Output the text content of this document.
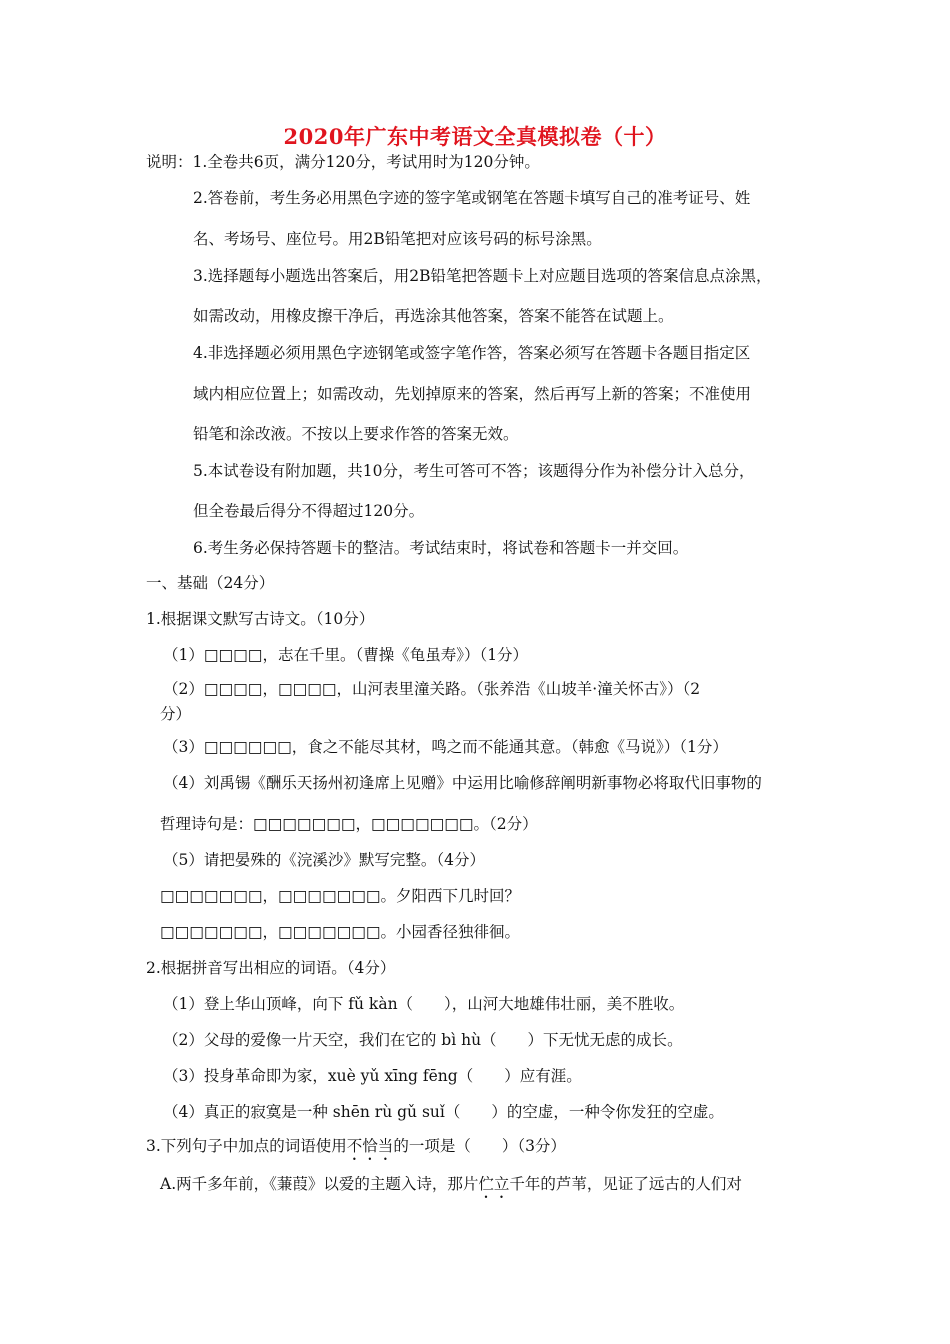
2020年广东中考语文全真模拟卷（十）
说明：1.全卷共6页，满分120分，考试用时为120分钟。
2.答卷前，考生务必用黑色字迹的签字笔或钢笔在答题卡填写自己的准考证号、姓
名、考场号、座位号。用2B铅笔把对应该号码的标号涂黑。
3.选择题每小题选出答案后，用2B铅笔把答题卡上对应题目选项的答案信息点涂黑，
如需改动，用橡皮擦干净后，再选涂其他答案，答案不能答在试题上。
4.非选择题必须用黑色字迹钢笔或签字笔作答，答案必须写在答题卡各题目指定区
域内相应位置上；如需改动，先划掉原来的答案，然后再写上新的答案；不准使用
铅笔和涂改液。不按以上要求作答的答案无效。
5.本试卷设有附加题，共10分，考生可答可不答；该题得分作为补偿分计入总分，
但全卷最后得分不得超过120分。
6.考生务必保持答题卡的整洁。考试结束时，将试卷和答题卡一并交回。
一、基础（24分）
1.根据课文默写古诗文。（10分）
（1）□□□□，志在千里。（曹操《龟虽寿》）（1分）
（2）□□□□，□□□□，山河表里潼关路。（张养浩《山坡羊·潼关怀古》）（2
分）
（3）□□□□□□，食之不能尽其材，鸣之而不能通其意。（韩愈《马说》）（1分）
（4）刘禹锡《酬乐天扬州初逢席上见赠》中运用比喻修辞阐明新事物必将取代旧事物的
哲理诗句是：□□□□□□□，□□□□□□□。（2分）
（5）请把晏殊的《浣溪沙》默写完整。（4分）
□□□□□□□，□□□□□□□。夕阳西下几时回？
□□□□□□□，□□□□□□□。小园香径独徘徊。
2.根据拼音写出相应的词语。（4分）
（1）登上华山顶峰，向下 fǔ kàn（　　），山河大地雄伟壮丽，美不胜收。
（2）父母的爱像一片天空，我们在它的 bì hù（　　）下无忧无虑的成长。
（3）投身革命即为家，xuè yǔ xīng fēng（　　）应有涯。
（4）真正的寂寞是一种 shēn rù gǔ suǐ（　　）的空虚，一种令你发狂的空虚。
3.下列句子中加点的词语使用不恰当的一项是（　　）（3分）
A.两千多年前，《蒹葭》以爱的主题入诗，那片伫立千年的芦苇，见证了远古的人们对
